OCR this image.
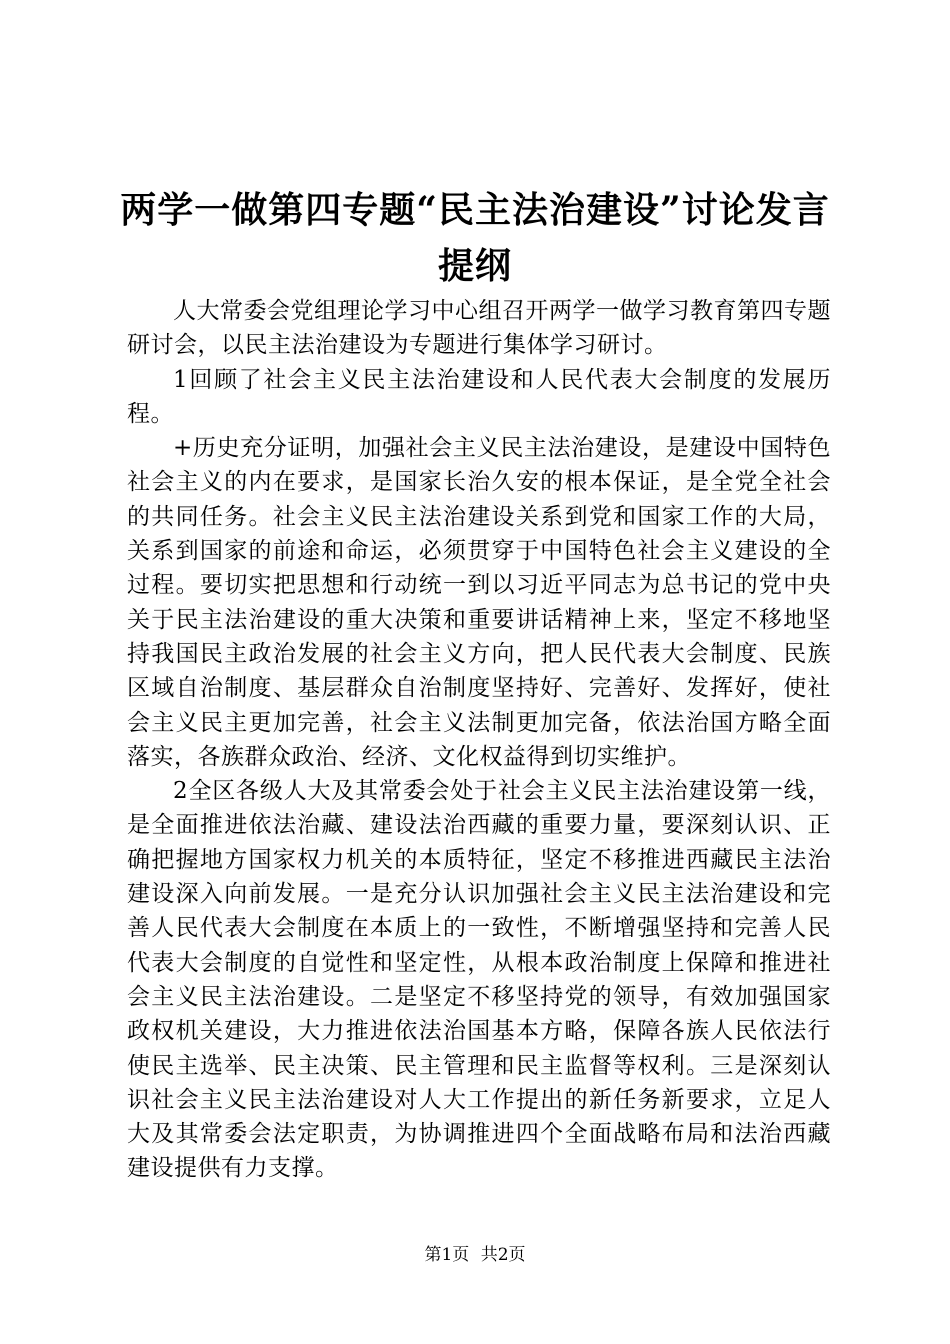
两学一做第四专题“民主法治建设”讨论发言
提纲

人大常委会党组理论学习中心组召开两学一做学习教育第四专题研讨会，以民主法治建设为专题进行集体学习研讨。

1回顾了社会主义民主法治建设和人民代表大会制度的发展历程。

+历史充分证明，加强社会主义民主法治建设，是建设中国特色社会主义的内在要求，是国家长治久安的根本保证，是全党全社会的共同任务。社会主义民主法治建设关系到党和国家工作的大局，关系到国家的前途和命运，必须贯穿于中国特色社会主义建设的全过程。要切实把思想和行动统一到以习近平同志为总书记的党中央关于民主法治建设的重大决策和重要讲话精神上来，坚定不移地坚持我国民主政治发展的社会主义方向，把人民代表大会制度、民族区域自治制度、基层群众自治制度坚持好、完善好、发挥好，使社会主义民主更加完善，社会主义法制更加完备，依法治国方略全面落实，各族群众政治、经济、文化权益得到切实维护。

2全区各级人大及其常委会处于社会主义民主法治建设第一线，是全面推进依法治藏、建设法治西藏的重要力量，要深刻认识、正确把握地方国家权力机关的本质特征，坚定不移推进西藏民主法治建设深入向前发展。一是充分认识加强社会主义民主法治建设和完善人民代表大会制度在本质上的一致性，不断增强坚持和完善人民代表大会制度的自觉性和坚定性，从根本政治制度上保障和推进社会主义民主法治建设。二是坚定不移坚持党的领导，有效加强国家政权机关建设，大力推进依法治国基本方略，保障各族人民依法行使民主选举、民主决策、民主管理和民主监督等权利。三是深刻认识社会主义民主法治建设对人大工作提出的新任务新要求，立足人大及其常委会法定职责，为协调推进四个全面战略布局和法治西藏建设提供有力支撑。

第1页 共2页
